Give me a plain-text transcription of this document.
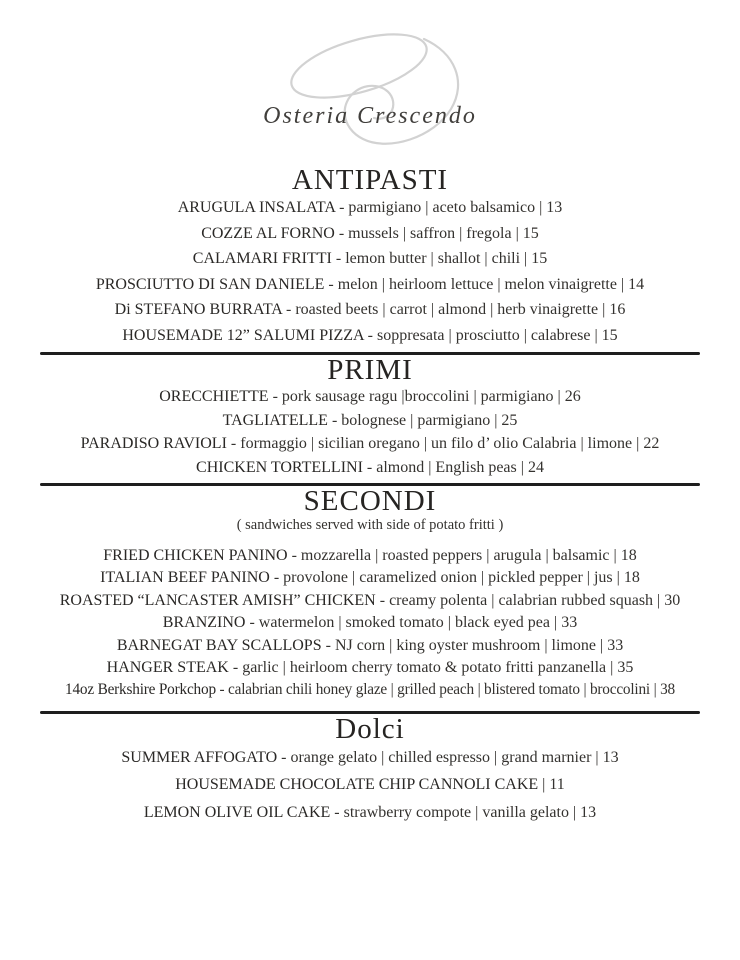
Osteria Crescendo
ANTIPASTI
ARUGULA INSALATA - parmigiano | aceto balsamico | 13
COZZE AL FORNO - mussels | saffron | fregola | 15
CALAMARI FRITTI - lemon butter | shallot | chili | 15
PROSCIUTTO DI SAN DANIELE - melon | heirloom lettuce | melon vinaigrette | 14
Di STEFANO BURRATA - roasted beets | carrot | almond | herb vinaigrette | 16
HOUSEMADE 12” SALUMI PIZZA - soppresata | prosciutto | calabrese | 15
PRIMI
ORECCHIETTE - pork sausage ragu |broccolini | parmigiano | 26
TAGLIATELLE - bolognese | parmigiano | 25
PARADISO RAVIOLI - formaggio | sicilian oregano | un filo d’ olio Calabria | limone | 22
CHICKEN TORTELLINI - almond | English peas | 24
SECONDI
( sandwiches served with side of potato fritti )
FRIED CHICKEN PANINO - mozzarella | roasted peppers | arugula | balsamic | 18
ITALIAN BEEF PANINO - provolone | caramelized onion | pickled pepper | jus | 18
ROASTED “LANCASTER AMISH” CHICKEN - creamy polenta | calabrian rubbed squash | 30
BRANZINO - watermelon | smoked tomato | black eyed pea | 33
BARNEGAT BAY SCALLOPS - NJ corn | king oyster mushroom | limone | 33
HANGER STEAK - garlic | heirloom cherry tomato & potato fritti panzanella | 35
14oz Berkshire Porkchop - calabrian chili honey glaze | grilled peach | blistered tomato | broccolini | 38
Dolci
SUMMER AFFOGATO - orange gelato | chilled espresso | grand marnier | 13
HOUSEMADE CHOCOLATE CHIP CANNOLI CAKE | 11
LEMON OLIVE OIL CAKE - strawberry compote | vanilla gelato | 13
